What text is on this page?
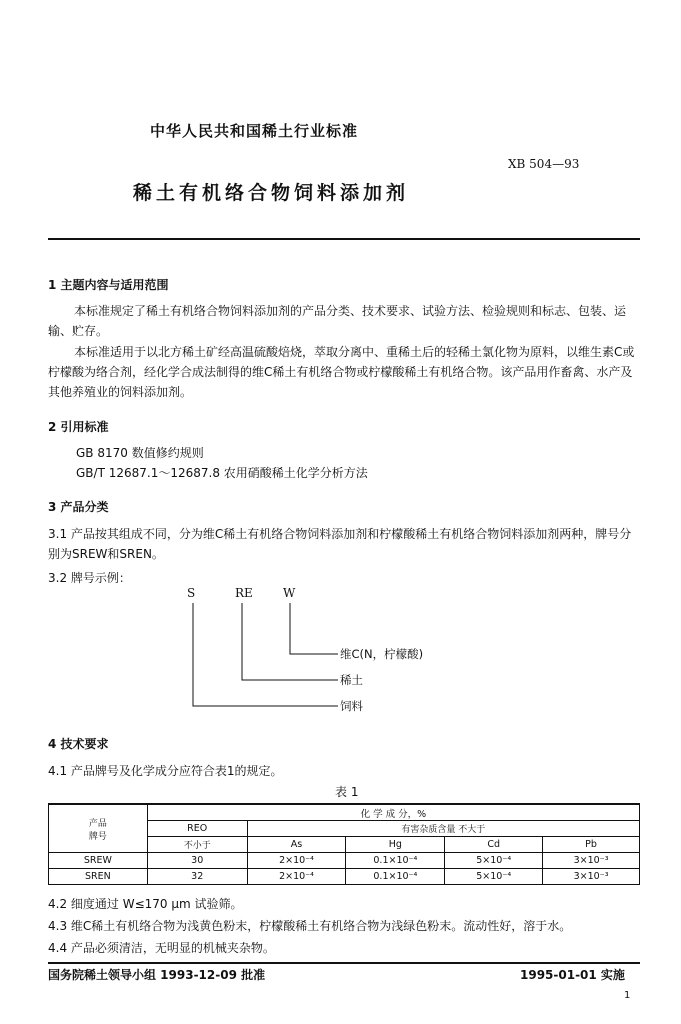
中华人民共和国稀土行业标准
XB 504—93
稀土有机络合物饲料添加剂
1 主题内容与适用范围
本标准规定了稀土有机络合物饲料添加剂的产品分类、技术要求、试验方法、检验规则和标志、包装、运输、贮存。
本标准适用于以北方稀土矿经高温硫酸焙烧，萃取分离中、重稀土后的轻稀土氯化物为原料，以维生素C或柠檬酸为络合剂，经化学合成法制得的维C稀土有机络合物或柠檬酸稀土有机络合物。该产品用作畜禽、水产及其他养殖业的饲料添加剂。
2 引用标准
GB 8170 数值修约规则
GB/T 12687.1～12687.8 农用硝酸稀土化学分析方法
3 产品分类
3.1 产品按其组成不同，分为维C稀土有机络合物饲料添加剂和柠檬酸稀土有机络合物饲料添加剂两种，牌号分别为SREW和SREN。
3.2 牌号示例：
S	RE	W
维C(N，柠檬酸)
稀土
饲料
4 技术要求
4.1 产品牌号及化学成分应符合表1的规定。
表 1
产品
牌号	化 学 成 分，%				
	REO	有害杂质含量 不大于			
	不小于	As	Hg	Cd	Pb
SREW	30	2×10⁻⁴	0.1×10⁻⁴	5×10⁻⁴	3×10⁻³
SREN	32	2×10⁻⁴	0.1×10⁻⁴	5×10⁻⁴	3×10⁻³
4.2 细度通过 W≤170 μm 试验筛。
4.3 维C稀土有机络合物为浅黄色粉末，柠檬酸稀土有机络合物为浅绿色粉末。流动性好，溶于水。
4.4 产品必须清洁，无明显的机械夹杂物。
国务院稀土领导小组 1993-12-09 批准	1995-01-01 实施
1
